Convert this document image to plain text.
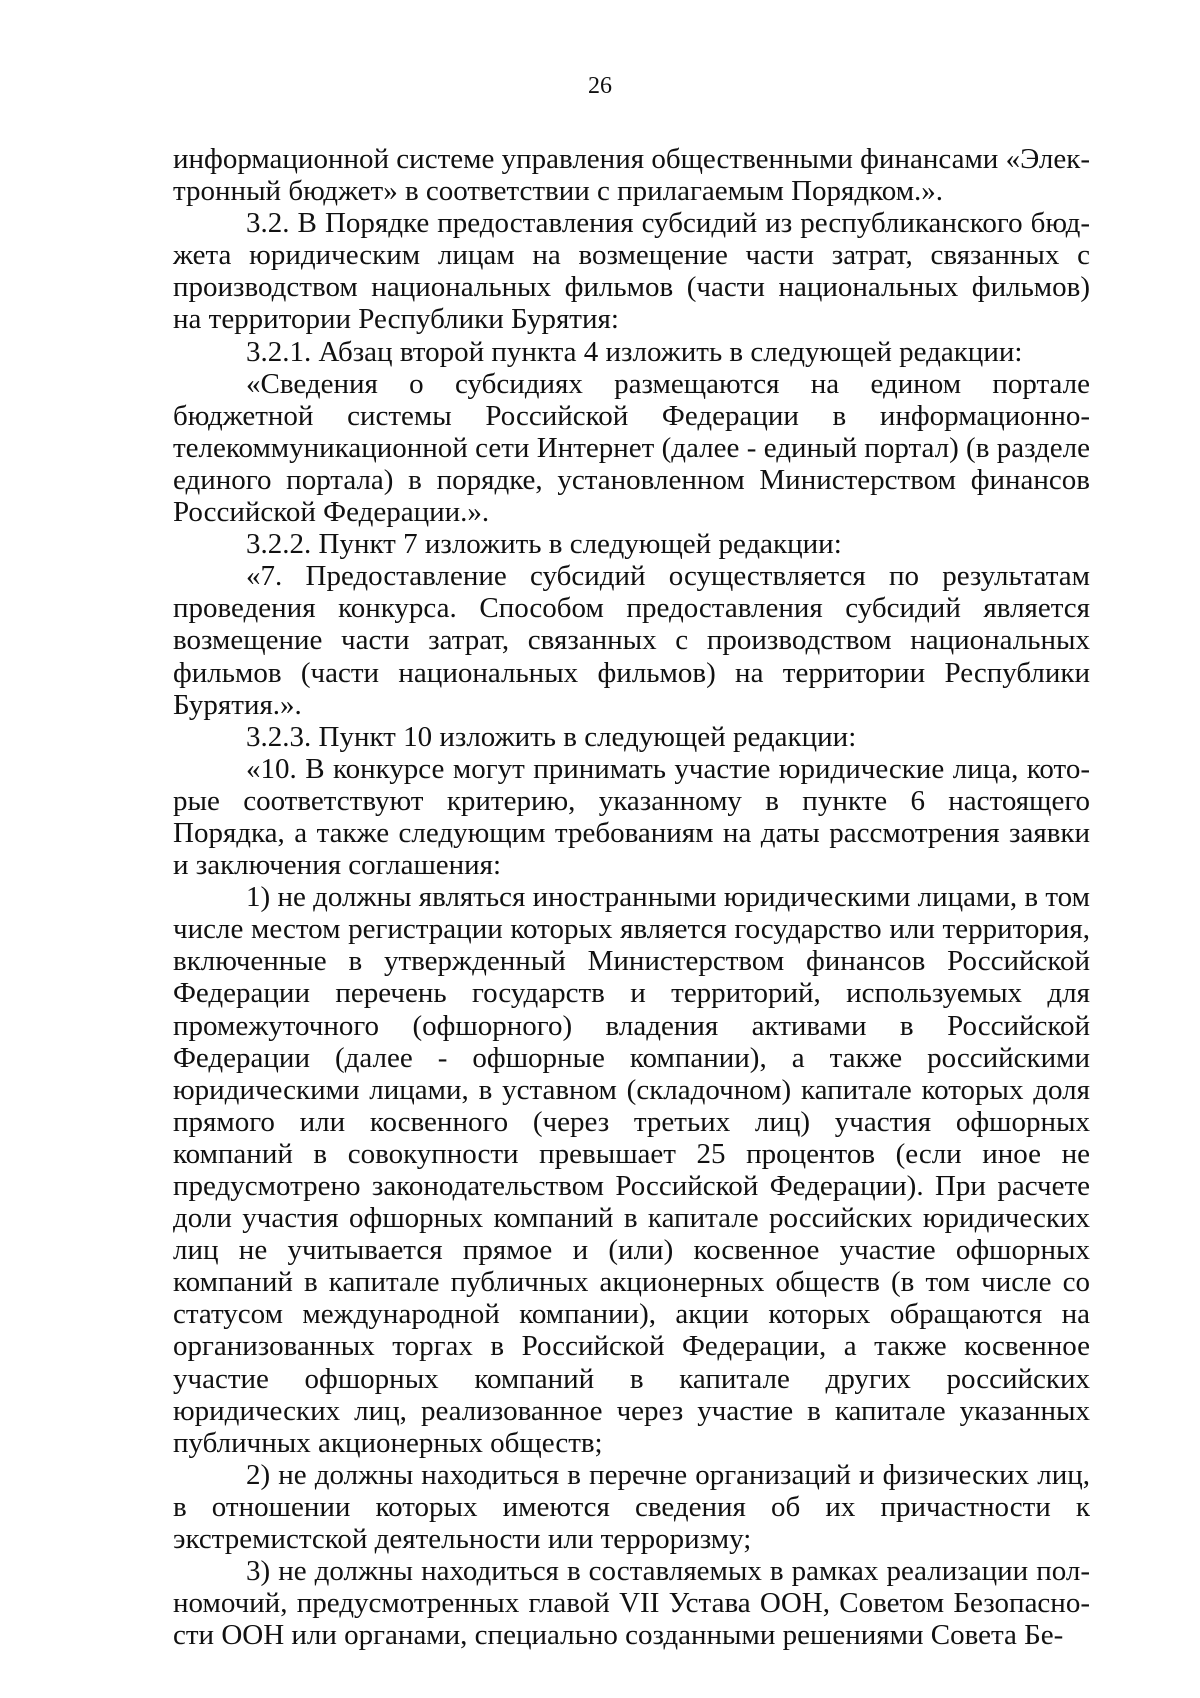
26

информационной системе управления общественными финансами «Электронный бюджет» в соответствии с прилагаемым Порядком.».

3.2. В Порядке предоставления субсидий из республиканского бюджета юридическим лицам на возмещение части затрат, связанных с производством национальных фильмов (части национальных фильмов) на территории Республики Бурятия:

3.2.1. Абзац второй пункта 4 изложить в следующей редакции:

«Сведения о субсидиях размещаются на едином портале бюджетной системы Российской Федерации в информационно-телекоммуникационной сети Интернет (далее - единый портал) (в разделе единого портала) в порядке, установленном Министерством финансов Российской Федерации.».

3.2.2. Пункт 7 изложить в следующей редакции:

«7. Предоставление субсидий осуществляется по результатам проведения конкурса. Способом предоставления субсидий является возмещение части затрат, связанных с производством национальных фильмов (части национальных фильмов) на территории Республики Бурятия.».

3.2.3. Пункт 10 изложить в следующей редакции:

«10. В конкурсе могут принимать участие юридические лица, которые соответствуют критерию, указанному в пункте 6 настоящего Порядка, а также следующим требованиям на даты рассмотрения заявки и заключения соглашения:

1) не должны являться иностранными юридическими лицами, в том числе местом регистрации которых является государство или территория, включенные в утвержденный Министерством финансов Российской Федерации перечень государств и территорий, используемых для промежуточного (офшорного) владения активами в Российской Федерации (далее - офшорные компании), а также российскими юридическими лицами, в уставном (складочном) капитале которых доля прямого или косвенного (через третьих лиц) участия офшорных компаний в совокупности превышает 25 процентов (если иное не предусмотрено законодательством Российской Федерации). При расчете доли участия офшорных компаний в капитале российских юридических лиц не учитывается прямое и (или) косвенное участие офшорных компаний в капитале публичных акционерных обществ (в том числе со статусом международной компании), акции которых обращаются на организованных торгах в Российской Федерации, а также косвенное участие офшорных компаний в капитале других российских юридических лиц, реализованное через участие в капитале указанных публичных акционерных обществ;

2) не должны находиться в перечне организаций и физических лиц, в отношении которых имеются сведения об их причастности к экстремистской деятельности или терроризму;

3) не должны находиться в составляемых в рамках реализации полномочий, предусмотренных главой VII Устава ООН, Советом Безопасности ООН или органами, специально созданными решениями Совета Бе-
